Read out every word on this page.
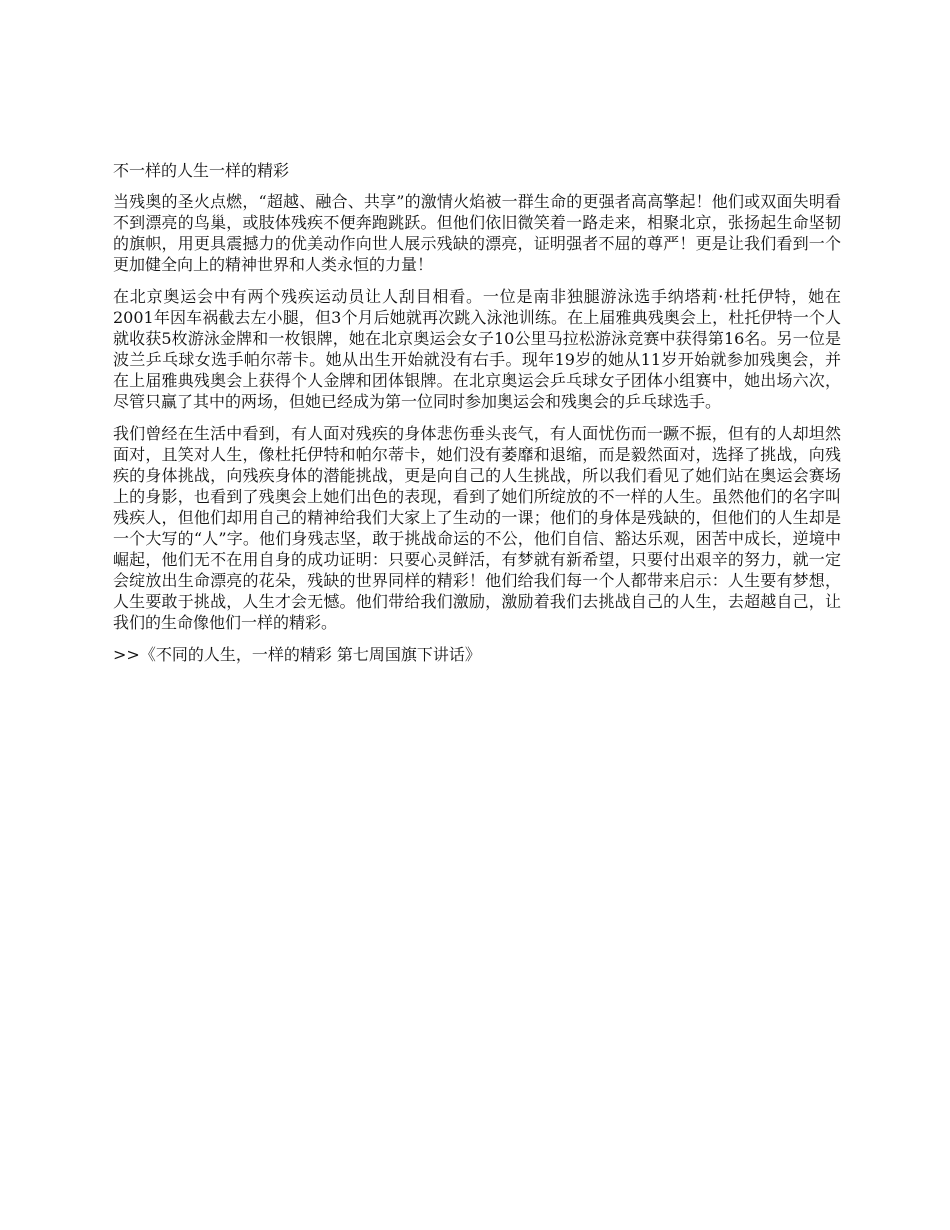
不一样的人生一样的精彩

当残奥的圣火点燃，“超越、融合、共享”的激情火焰被一群生命的更强者高高擎起！他们或双面失明看不到漂亮的鸟巢，或肢体残疾不便奔跑跳跃。但他们依旧微笑着一路走来，相聚北京，张扬起生命坚韧的旗帜，用更具震撼力的优美动作向世人展示残缺的漂亮，证明强者不屈的尊严！更是让我们看到一个更加健全向上的精神世界和人类永恒的力量！

在北京奥运会中有两个残疾运动员让人刮目相看。一位是南非独腿游泳选手纳塔莉·杜托伊特，她在2001年因车祸截去左小腿，但3个月后她就再次跳入泳池训练。在上届雅典残奥会上，杜托伊特一个人就收获5枚游泳金牌和一枚银牌，她在北京奥运会女子10公里马拉松游泳竞赛中获得第16名。另一位是波兰乒乓球女选手帕尔蒂卡。她从出生开始就没有右手。现年19岁的她从11岁开始就参加残奥会，并在上届雅典残奥会上获得个人金牌和团体银牌。在北京奥运会乒乓球女子团体小组赛中，她出场六次，尽管只赢了其中的两场，但她已经成为第一位同时参加奥运会和残奥会的乒乓球选手。

我们曾经在生活中看到，有人面对残疾的身体悲伤垂头丧气，有人面忧伤而一蹶不振，但有的人却坦然面对，且笑对人生，像杜托伊特和帕尔蒂卡，她们没有萎靡和退缩，而是毅然面对，选择了挑战，向残疾的身体挑战，向残疾身体的潜能挑战，更是向自己的人生挑战，所以我们看见了她们站在奥运会赛场上的身影，也看到了残奥会上她们出色的表现，看到了她们所绽放的不一样的人生。虽然他们的名字叫残疾人，但他们却用自己的精神给我们大家上了生动的一课；他们的身体是残缺的，但他们的人生却是一个大写的“人”字。他们身残志坚，敢于挑战命运的不公，他们自信、豁达乐观，困苦中成长，逆境中崛起，他们无不在用自身的成功证明：只要心灵鲜活，有梦就有新希望，只要付出艰辛的努力，就一定会绽放出生命漂亮的花朵，残缺的世界同样的精彩！他们给我们每一个人都带来启示：人生要有梦想，人生要敢于挑战，人生才会无憾。他们带给我们激励，激励着我们去挑战自己的人生，去超越自己，让我们的生命像他们一样的精彩。

>>《不同的人生，一样的精彩 第七周国旗下讲话》
